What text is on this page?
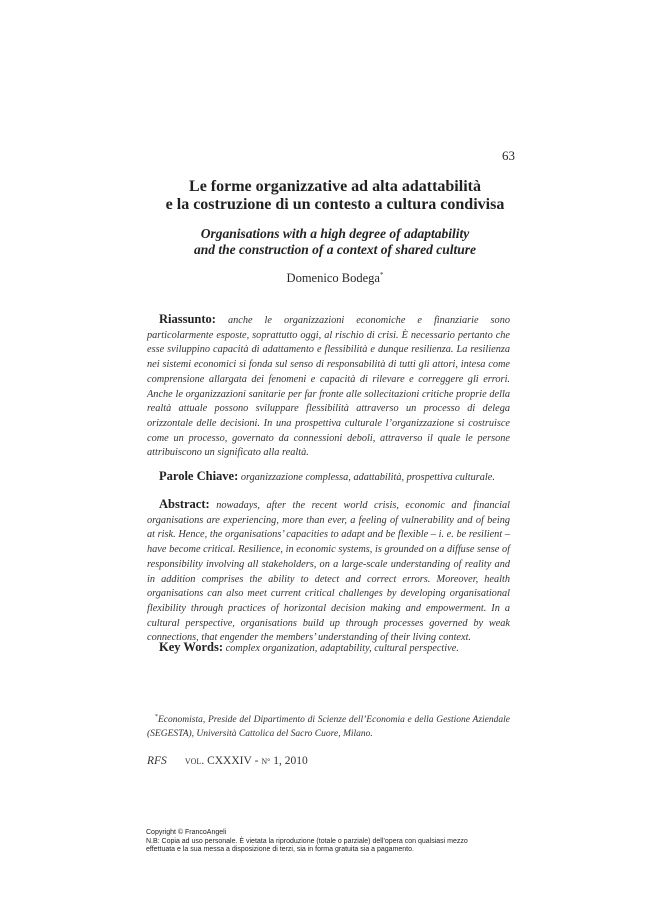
63
Le forme organizzative ad alta adattabilità
e la costruzione di un contesto a cultura condivisa
Organisations with a high degree of adaptability
and the construction of a context of shared culture
Domenico Bodega*
Riassunto: anche le organizzazioni economiche e finanziarie sono particolarmente esposte, soprattutto oggi, al rischio di crisi. È necessario pertanto che esse sviluppino capacità di adattamento e flessibilità e dunque resilienza. La resilienza nei sistemi economici si fonda sul senso di responsabilità di tutti gli attori, intesa come comprensione allargata dei fenomeni e capacità di rilevare e correggere gli errori. Anche le organizzazioni sanitarie per far fronte alle sollecitazioni critiche proprie della realtà attuale possono sviluppare flessibilità attraverso un processo di delega orizzontale delle decisioni. In una prospettiva culturale l’organizzazione si costruisce come un processo, governato da connessioni deboli, attraverso il quale le persone attribuiscono un significato alla realtà.
Parole Chiave: organizzazione complessa, adattabilità, prospettiva culturale.
Abstract: nowadays, after the recent world crisis, economic and financial organisations are experiencing, more than ever, a feeling of vulnerability and of being at risk. Hence, the organisations’ capacities to adapt and be flexible – i. e. be resilient – have become critical. Resilience, in economic systems, is grounded on a diffuse sense of responsibility involving all stakeholders, on a large-scale understanding of reality and in addition comprises the ability to detect and correct errors. Moreover, health organisations can also meet current critical challenges by developing organisational flexibility through practices of horizontal decision making and empowerment. In a cultural perspective, organisations build up through processes governed by weak connections, that engender the members’ understanding of their living context.
Key Words: complex organization, adaptability, cultural perspective.
*Economista, Preside del Dipartimento di Scienze dell’Economia e della Gestione Aziendale (SEGESTA), Università Cattolica del Sacro Cuore, Milano.
RFS vol. CXXXIV - N° 1, 2010
Copyright © FrancoAngeli
N.B: Copia ad uso personale. È vietata la riproduzione (totale o parziale) dell’opera con qualsiasi mezzo
effettuata e la sua messa a disposizione di terzi, sia in forma gratuita sia a pagamento.
